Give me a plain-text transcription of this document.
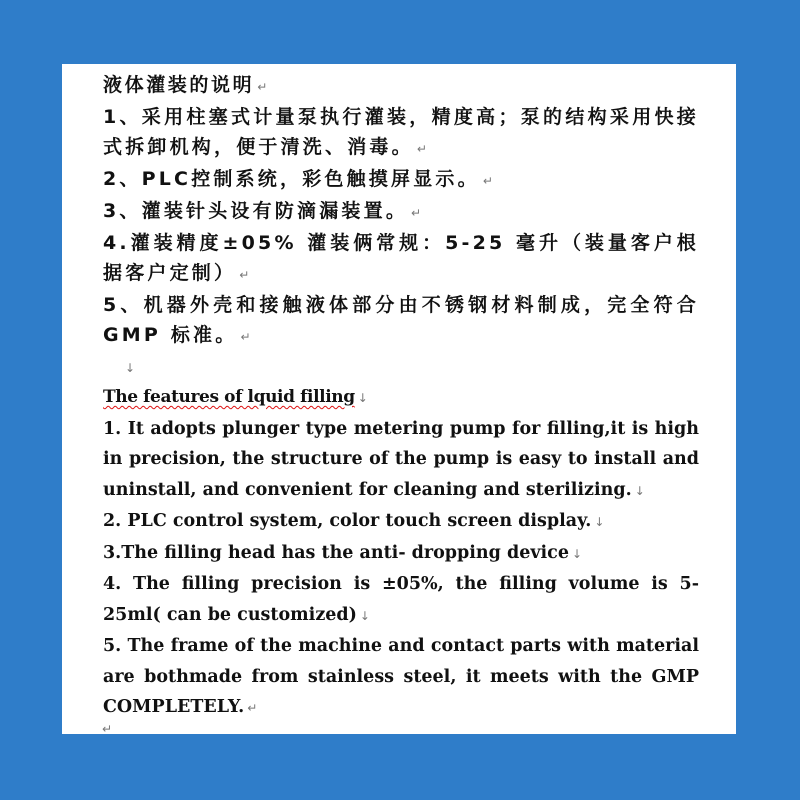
液体灌装的说明 ↵

1、采用柱塞式计量泵执行灌装，精度高；泵的结构采用快接式拆卸机构，便于清洗、消毒。 ↵

2、PLC控制系统，彩色触摸屏显示。 ↵

3、灌装针头设有防滴漏装置。 ↵

4.灌装精度±05% 灌装俩常规：5-25 毫升（装量客户根据客户定制） ↵

5、机器外壳和接触液体部分由不锈钢材料制成，完全符合 GMP 标准。 ↵

↓

The features of lquid filling ↓

1. It adopts plunger type metering pump for filling,it is high in precision, the structure of the pump is easy to install and uninstall, and convenient for cleaning and sterilizing. ↓

2. PLC control system, color touch screen display. ↓

3.The filling head has the anti- dropping device ↓

4. The filling precision is ±05%, the filling volume is 5-25ml( can be customized) ↓

5. The frame of the machine and contact parts with material are bothmade from stainless steel, it meets with the GMP COMPLETELY. ↵

↵
